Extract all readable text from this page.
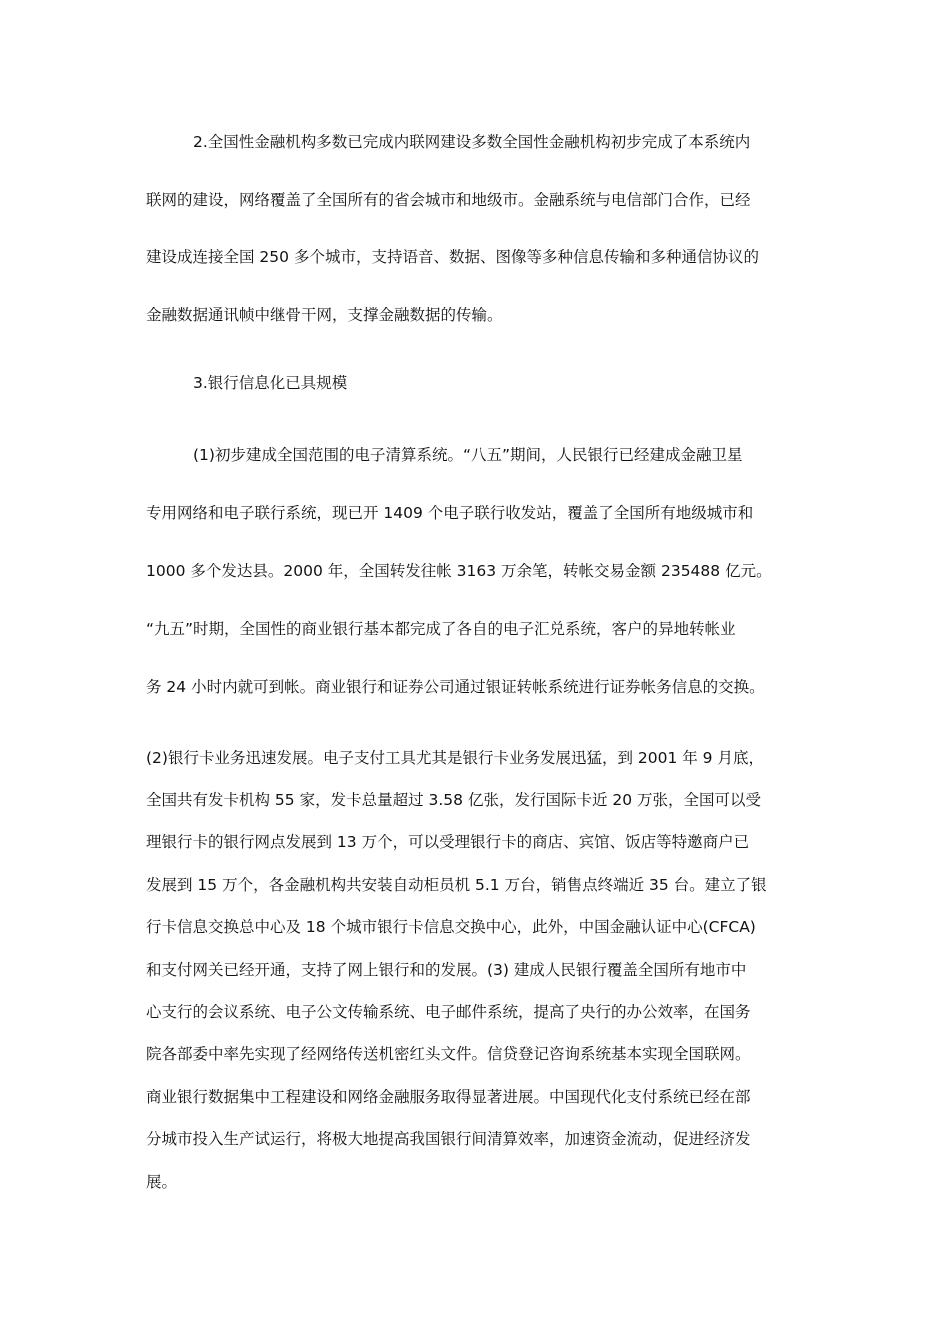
2.全国性金融机构多数已完成内联网建设多数全国性金融机构初步完成了本系统内
联网的建设，网络覆盖了全国所有的省会城市和地级市。金融系统与电信部门合作，已经
建设成连接全国 250 多个城市，支持语音、数据、图像等多种信息传输和多种通信协议的
金融数据通讯帧中继骨干网，支撑金融数据的传输。
3.银行信息化已具规模
(1)初步建成全国范围的电子清算系统。“八五”期间，人民银行已经建成金融卫星
专用网络和电子联行系统，现已开 1409 个电子联行收发站，覆盖了全国所有地级城市和
1000 多个发达县。2000 年，全国转发往帐 3163 万余笔，转帐交易金额 235488 亿元。
“九五”时期，全国性的商业银行基本都完成了各自的电子汇兑系统，客户的异地转帐业
务 24 小时内就可到帐。商业银行和证券公司通过银证转帐系统进行证券帐务信息的交换。
(2)银行卡业务迅速发展。电子支付工具尤其是银行卡业务发展迅猛，到 2001 年 9 月底，
全国共有发卡机构 55 家，发卡总量超过 3.58 亿张，发行国际卡近 20 万张，全国可以受
理银行卡的银行网点发展到 13 万个，可以受理银行卡的商店、宾馆、饭店等特邀商户已
发展到 15 万个，各金融机构共安装自动柜员机 5.1 万台，销售点终端近 35 台。建立了银
行卡信息交换总中心及 18 个城市银行卡信息交换中心，此外，中国金融认证中心(CFCA)
和支付网关已经开通，支持了网上银行和的发展。(3) 建成人民银行覆盖全国所有地市中
心支行的会议系统、电子公文传输系统、电子邮件系统，提高了央行的办公效率，在国务
院各部委中率先实现了经网络传送机密红头文件。信贷登记咨询系统基本实现全国联网。
商业银行数据集中工程建设和网络金融服务取得显著进展。中国现代化支付系统已经在部
分城市投入生产试运行，将极大地提高我国银行间清算效率，加速资金流动，促进经济发
展。
